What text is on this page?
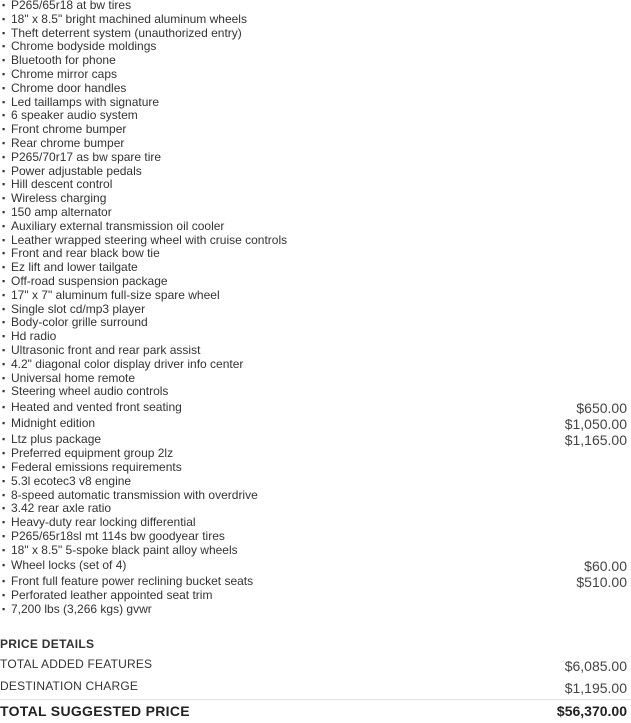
▪ P265/65r18 at bw tires
▪ 18" x 8.5" bright machined aluminum wheels
▪ Theft deterrent system (unauthorized entry)
▪ Chrome bodyside moldings
▪ Bluetooth for phone
▪ Chrome mirror caps
▪ Chrome door handles
▪ Led taillamps with signature
▪ 6 speaker audio system
▪ Front chrome bumper
▪ Rear chrome bumper
▪ P265/70r17 as bw spare tire
▪ Power adjustable pedals
▪ Hill descent control
▪ Wireless charging
▪ 150 amp alternator
▪ Auxiliary external transmission oil cooler
▪ Leather wrapped steering wheel with cruise controls
▪ Front and rear black bow tie
▪ Ez lift and lower tailgate
▪ Off-road suspension package
▪ 17" x 7" aluminum full-size spare wheel
▪ Single slot cd/mp3 player
▪ Body-color grille surround
▪ Hd radio
▪ Ultrasonic front and rear park assist
▪ 4.2" diagonal color display driver info center
▪ Universal home remote
▪ Steering wheel audio controls
▪ Heated and vented front seating	$650.00
▪ Midnight edition	$1,050.00
▪ Ltz plus package	$1,165.00
▪ Preferred equipment group 2lz
▪ Federal emissions requirements
▪ 5.3l ecotec3 v8 engine
▪ 8-speed automatic transmission with overdrive
▪ 3.42 rear axle ratio
▪ Heavy-duty rear locking differential
▪ P265/65r18sl mt 114s bw goodyear tires
▪ 18" x 8.5" 5-spoke black paint alloy wheels
▪ Wheel locks (set of 4)	$60.00
▪ Front full feature power reclining bucket seats	$510.00
▪ Perforated leather appointed seat trim
▪ 7,200 lbs (3,266 kgs) gvwr
PRICE DETAILS
TOTAL ADDED FEATURES	$6,085.00
DESTINATION CHARGE	$1,195.00
TOTAL SUGGESTED PRICE	$56,370.00
